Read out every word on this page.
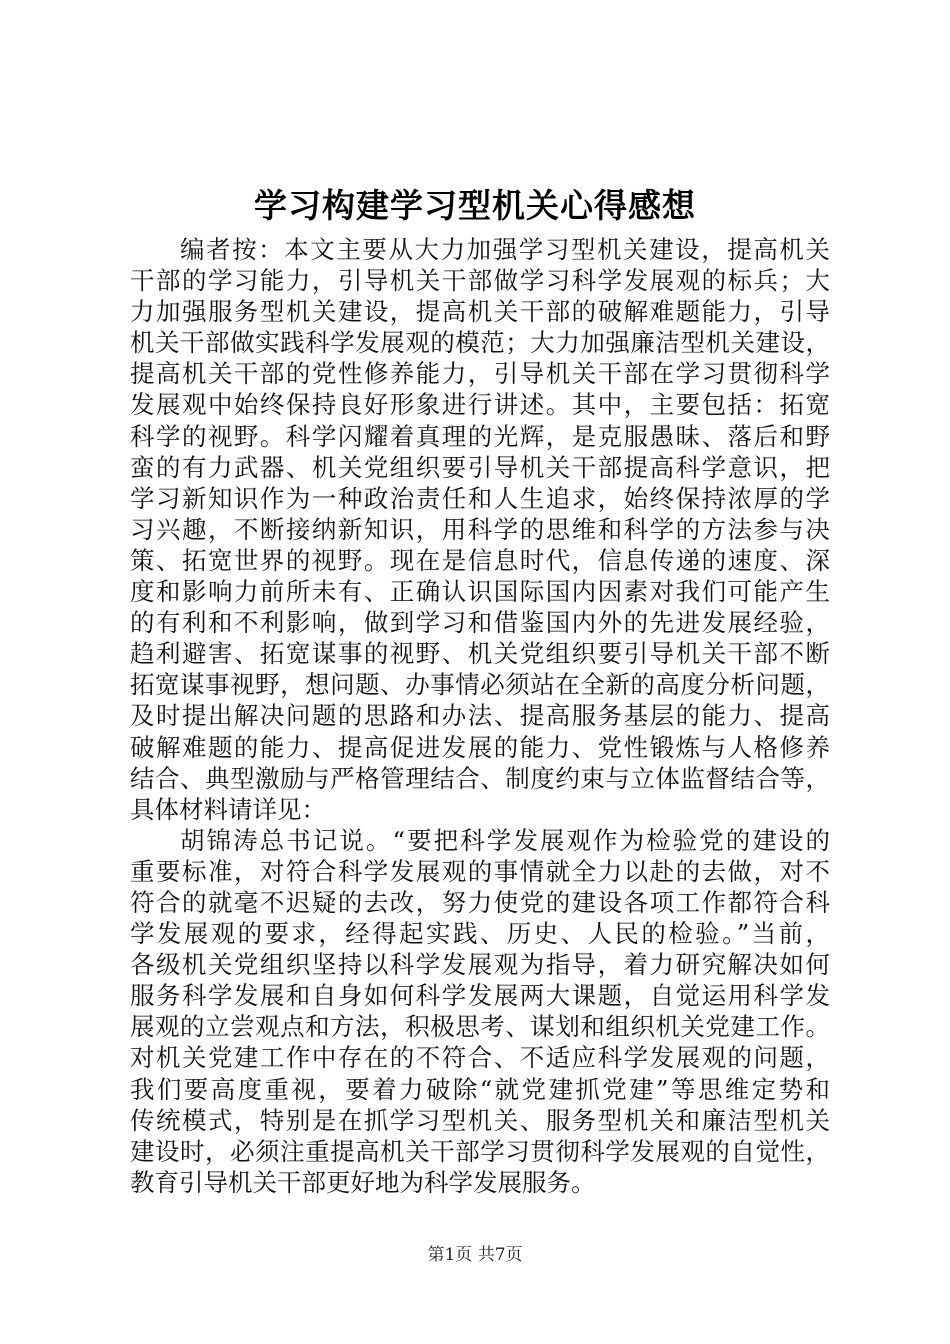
学习构建学习型机关心得感想
编者按：本文主要从大力加强学习型机关建设，提高机关
干部的学习能力，引导机关干部做学习科学发展观的标兵；大
力加强服务型机关建设，提高机关干部的破解难题能力，引导
机关干部做实践科学发展观的模范；大力加强廉洁型机关建设，
提高机关干部的党性修养能力，引导机关干部在学习贯彻科学
发展观中始终保持良好形象进行讲述。其中，主要包括：拓宽
科学的视野。科学闪耀着真理的光辉，是克服愚昧、落后和野
蛮的有力武器、机关党组织要引导机关干部提高科学意识，把
学习新知识作为一种政治责任和人生追求，始终保持浓厚的学
习兴趣，不断接纳新知识，用科学的思维和科学的方法参与决
策、拓宽世界的视野。现在是信息时代，信息传递的速度、深
度和影响力前所未有、正确认识国际国内因素对我们可能产生
的有利和不利影响，做到学习和借鉴国内外的先进发展经验，
趋利避害、拓宽谋事的视野、机关党组织要引导机关干部不断
拓宽谋事视野，想问题、办事情必须站在全新的高度分析问题，
及时提出解决问题的思路和办法、提高服务基层的能力、提高
破解难题的能力、提高促进发展的能力、党性锻炼与人格修养
结合、典型激励与严格管理结合、制度约束与立体监督结合等，
具体材料请详见：
胡锦涛总书记说。“要把科学发展观作为检验党的建设的
重要标准，对符合科学发展观的事情就全力以赴的去做，对不
符合的就毫不迟疑的去改，努力使党的建设各项工作都符合科
学发展观的要求，经得起实践、历史、人民的检验。”当前，
各级机关党组织坚持以科学发展观为指导，着力研究解决如何
服务科学发展和自身如何科学发展两大课题，自觉运用科学发
展观的立尝观点和方法，积极思考、谋划和组织机关党建工作。
对机关党建工作中存在的不符合、不适应科学发展观的问题，
我们要高度重视，要着力破除“就党建抓党建”等思维定势和
传统模式，特别是在抓学习型机关、服务型机关和廉洁型机关
建设时，必须注重提高机关干部学习贯彻科学发展观的自觉性，
教育引导机关干部更好地为科学发展服务。
第1页 共7页
